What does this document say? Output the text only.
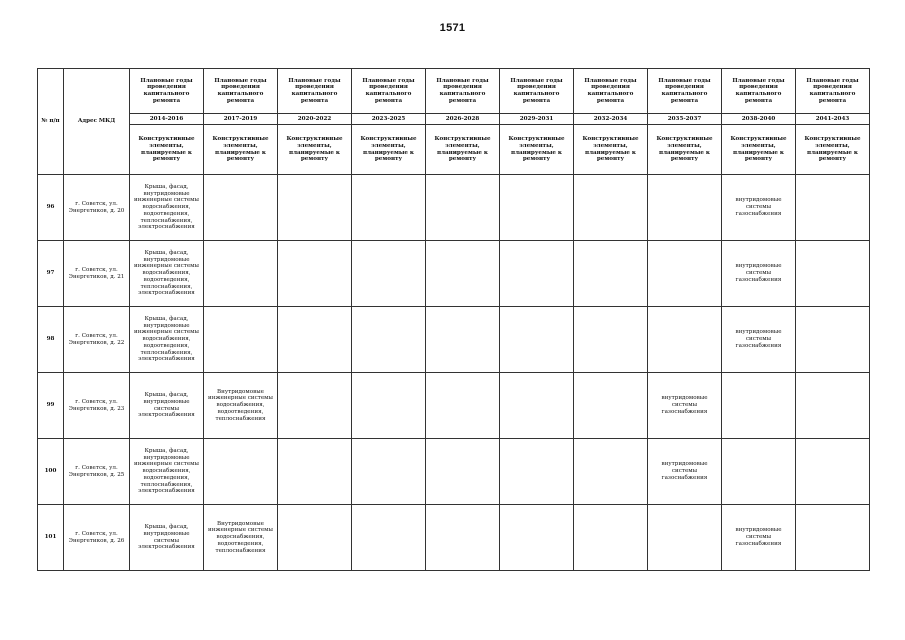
1571
№ п/п	Адрес МКД	Плановые годы проведения капитального ремонта	Плановые годы проведения капитального ремонта	Плановые годы проведения капитального ремонта	Плановые годы проведения капитального ремонта	Плановые годы проведения капитального ремонта	Плановые годы проведения капитального ремонта	Плановые годы проведения капитального ремонта	Плановые годы проведения капитального ремонта	Плановые годы проведения капитального ремонта	Плановые годы проведения капитального ремонта
		2014-2016	2017-2019	2020-2022	2023-2025	2026-2028	2029-2031	2032-2034	2035-2037	2038-2040	2041-2043
		Конструктивные элементы, планируемые к ремонту	Конструктивные элементы, планируемые к ремонту	Конструктивные элементы, планируемые к ремонту	Конструктивные элементы, планируемые к ремонту	Конструктивные элементы, планируемые к ремонту	Конструктивные элементы, планируемые к ремонту	Конструктивные элементы, планируемые к ремонту	Конструктивные элементы, планируемые к ремонту	Конструктивные элементы, планируемые к ремонту	Конструктивные элементы, планируемые к ремонту
96	г. Советск, ул. Энергетиков, д. 20	Крыша, фасад, внутридомовые инженерные системы водоснабжения, водоотведения, теплоснабжения, электроснабжения								внутридомовые системы газоснабжения	
97	г. Советск, ул. Энергетиков, д. 21	Крыша, фасад, внутридомовые инженерные системы водоснабжения, водоотведения, теплоснабжения, электроснабжения								внутридомовые системы газоснабжения	
98	г. Советск, ул. Энергетиков, д. 22	Крыша, фасад, внутридомовые инженерные системы водоснабжения, водоотведения, теплоснабжения, электроснабжения								внутридомовые системы газоснабжения	
99	г. Советск, ул. Энергетиков, д. 23	Крыша, фасад, внутридомовые системы электроснабжения	Внутридомовые инженерные системы водоснабжения, водоотведения, теплоснабжения						внутридомовые системы газоснабжения		
100	г. Советск, ул. Энергетиков, д. 25	Крыша, фасад, внутридомовые инженерные системы водоснабжения, водоотведения, теплоснабжения, электроснабжения							внутридомовые системы газоснабжения		
101	г. Советск, ул. Энергетиков, д. 26	Крыша, фасад, внутридомовые системы электроснабжения	Внутридомовые инженерные системы водоснабжения, водоотведения, теплоснабжения							внутридомовые системы газоснабжения	
